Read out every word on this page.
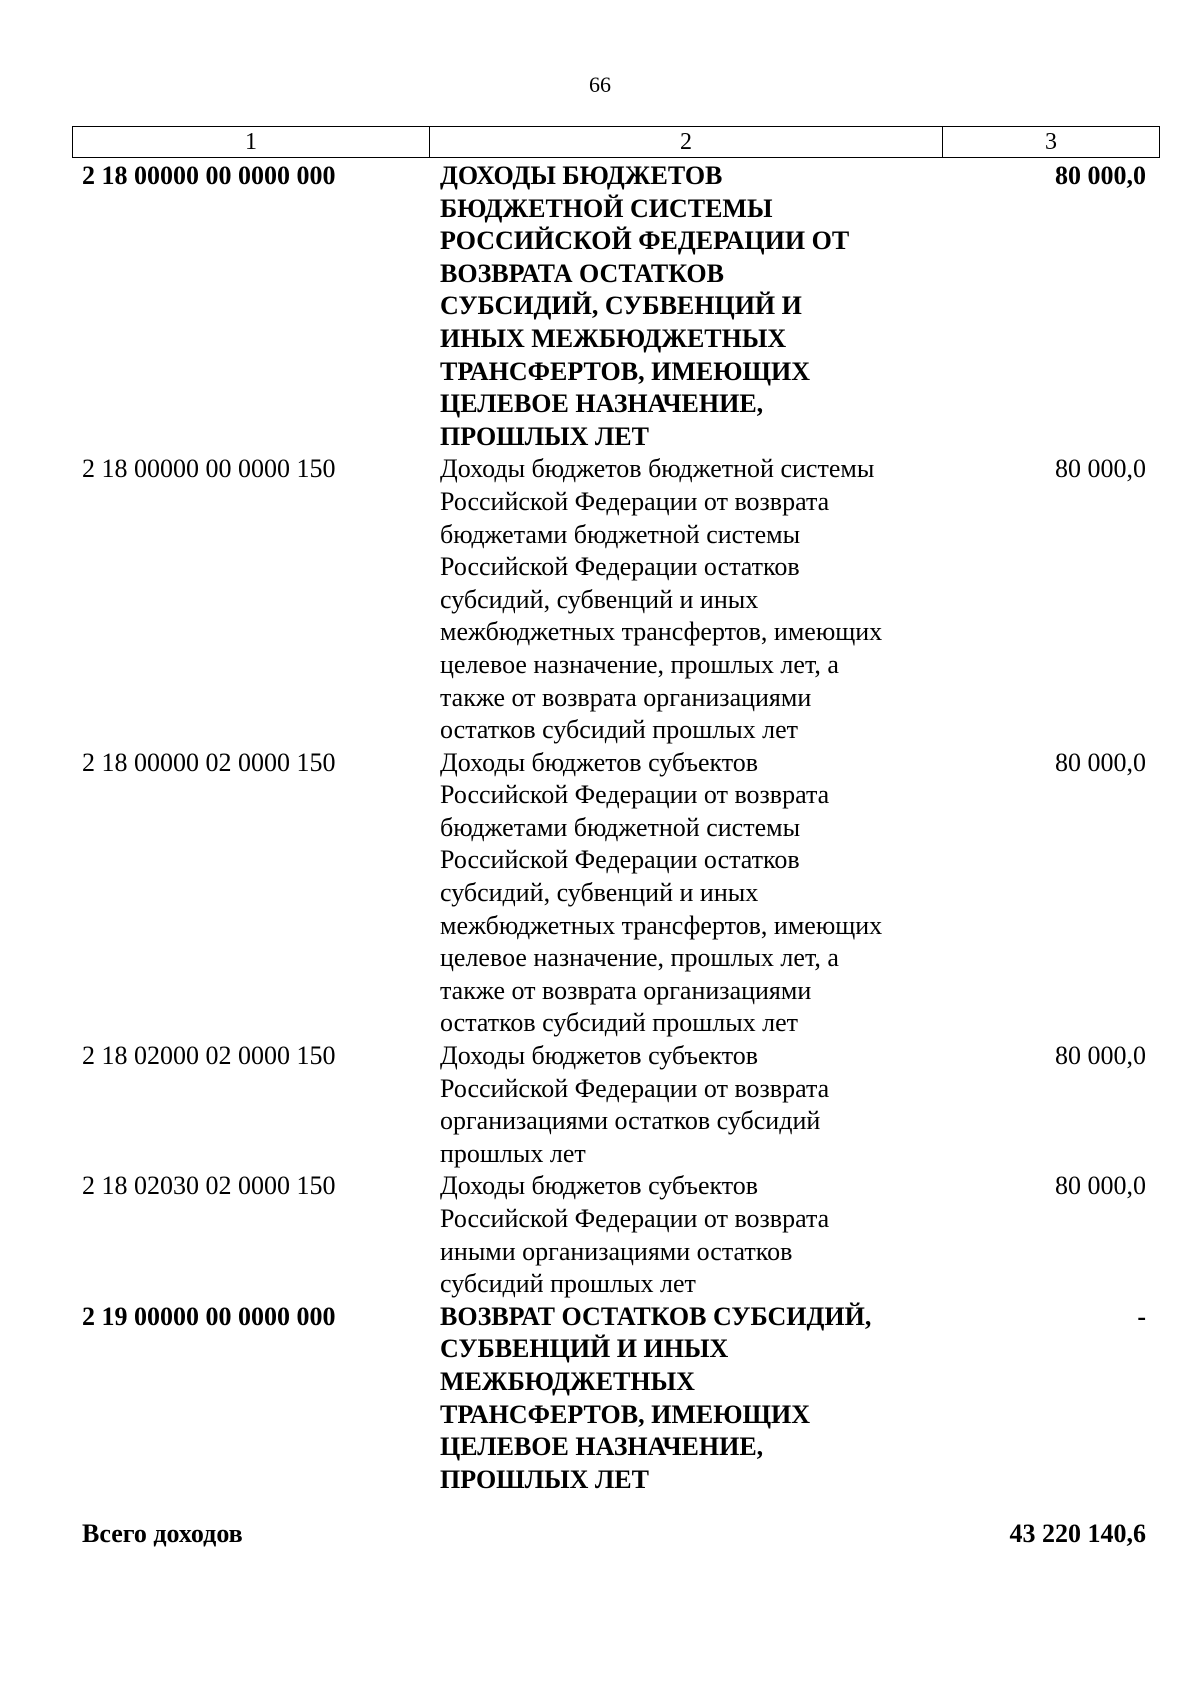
66
1	2	3
2 18 00000 00 0000 000	ДОХОДЫ БЮДЖЕТОВ
БЮДЖЕТНОЙ СИСТЕМЫ
РОССИЙСКОЙ ФЕДЕРАЦИИ ОТ
ВОЗВРАТА ОСТАТКОВ
СУБСИДИЙ, СУБВЕНЦИЙ И
ИНЫХ МЕЖБЮДЖЕТНЫХ
ТРАНСФЕРТОВ, ИМЕЮЩИХ
ЦЕЛЕВОЕ НАЗНАЧЕНИЕ,
ПРОШЛЫХ ЛЕТ
80 000,0
2 18 00000 00 0000 150	Доходы бюджетов бюджетной системы
Российской Федерации от возврата
бюджетами бюджетной системы
Российской Федерации остатков
субсидий, субвенций и иных
межбюджетных трансфертов, имеющих
целевое назначение, прошлых лет, а
также от возврата организациями
остатков субсидий прошлых лет
80 000,0
2 18 00000 02 0000 150	Доходы бюджетов субъектов
Российской Федерации от возврата
бюджетами бюджетной системы
Российской Федерации остатков
субсидий, субвенций и иных
межбюджетных трансфертов, имеющих
целевое назначение, прошлых лет, а
также от возврата организациями
остатков субсидий прошлых лет
80 000,0
2 18 02000 02 0000 150	Доходы бюджетов субъектов
Российской Федерации от возврата
организациями остатков субсидий
прошлых лет
80 000,0
2 18 02030 02 0000 150	Доходы бюджетов субъектов
Российской Федерации от возврата
иными организациями остатков
субсидий прошлых лет
80 000,0
2 19 00000 00 0000 000	ВОЗВРАТ ОСТАТКОВ СУБСИДИЙ,
СУБВЕНЦИЙ И ИНЫХ
МЕЖБЮДЖЕТНЫХ
ТРАНСФЕРТОВ, ИМЕЮЩИХ
ЦЕЛЕВОЕ НАЗНАЧЕНИЕ,
ПРОШЛЫХ ЛЕТ
-
Всего доходов	43 220 140,6
